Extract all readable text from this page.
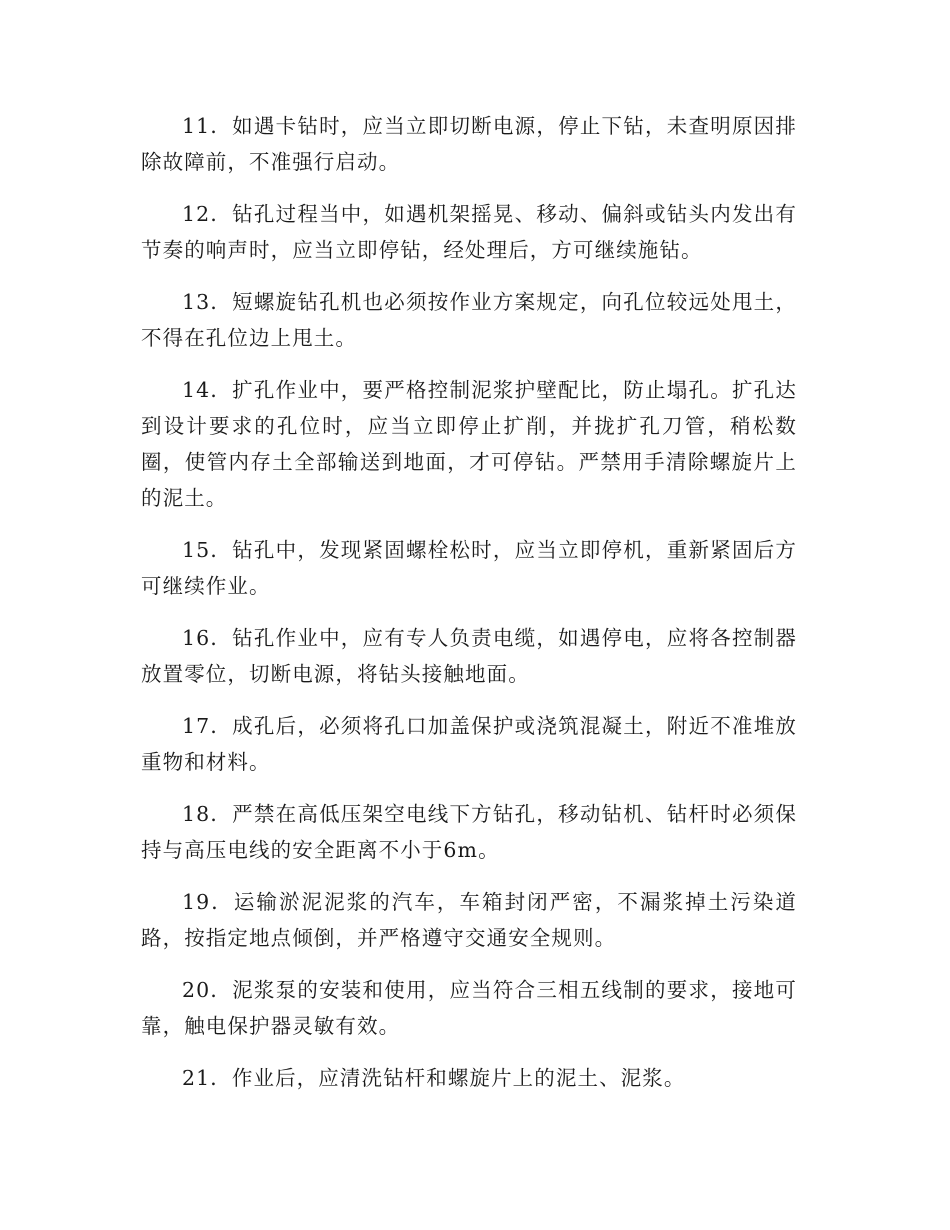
11．如遇卡钻时，应当立即切断电源，停止下钻，未查明原因排除故障前，不准强行启动。

12．钻孔过程当中，如遇机架摇晃、移动、偏斜或钻头内发出有节奏的响声时，应当立即停钻，经处理后，方可继续施钻。

13．短螺旋钻孔机也必须按作业方案规定，向孔位较远处甩土，不得在孔位边上甩土。

14．扩孔作业中，要严格控制泥浆护壁配比，防止塌孔。扩孔达到设计要求的孔位时，应当立即停止扩削，并拢扩孔刀管，稍松数圈，使管内存土全部输送到地面，才可停钻。严禁用手清除螺旋片上的泥土。

15．钻孔中，发现紧固螺栓松时，应当立即停机，重新紧固后方可继续作业。

16．钻孔作业中，应有专人负责电缆，如遇停电，应将各控制器放置零位，切断电源，将钻头接触地面。

17．成孔后，必须将孔口加盖保护或浇筑混凝土，附近不准堆放重物和材料。

18．严禁在高低压架空电线下方钻孔，移动钻机、钻杆时必须保持与高压电线的安全距离不小于6m。

19．运输淤泥泥浆的汽车，车箱封闭严密，不漏浆掉土污染道路，按指定地点倾倒，并严格遵守交通安全规则。

20．泥浆泵的安装和使用，应当符合三相五线制的要求，接地可靠，触电保护器灵敏有效。

21．作业后，应清洗钻杆和螺旋片上的泥土、泥浆。
